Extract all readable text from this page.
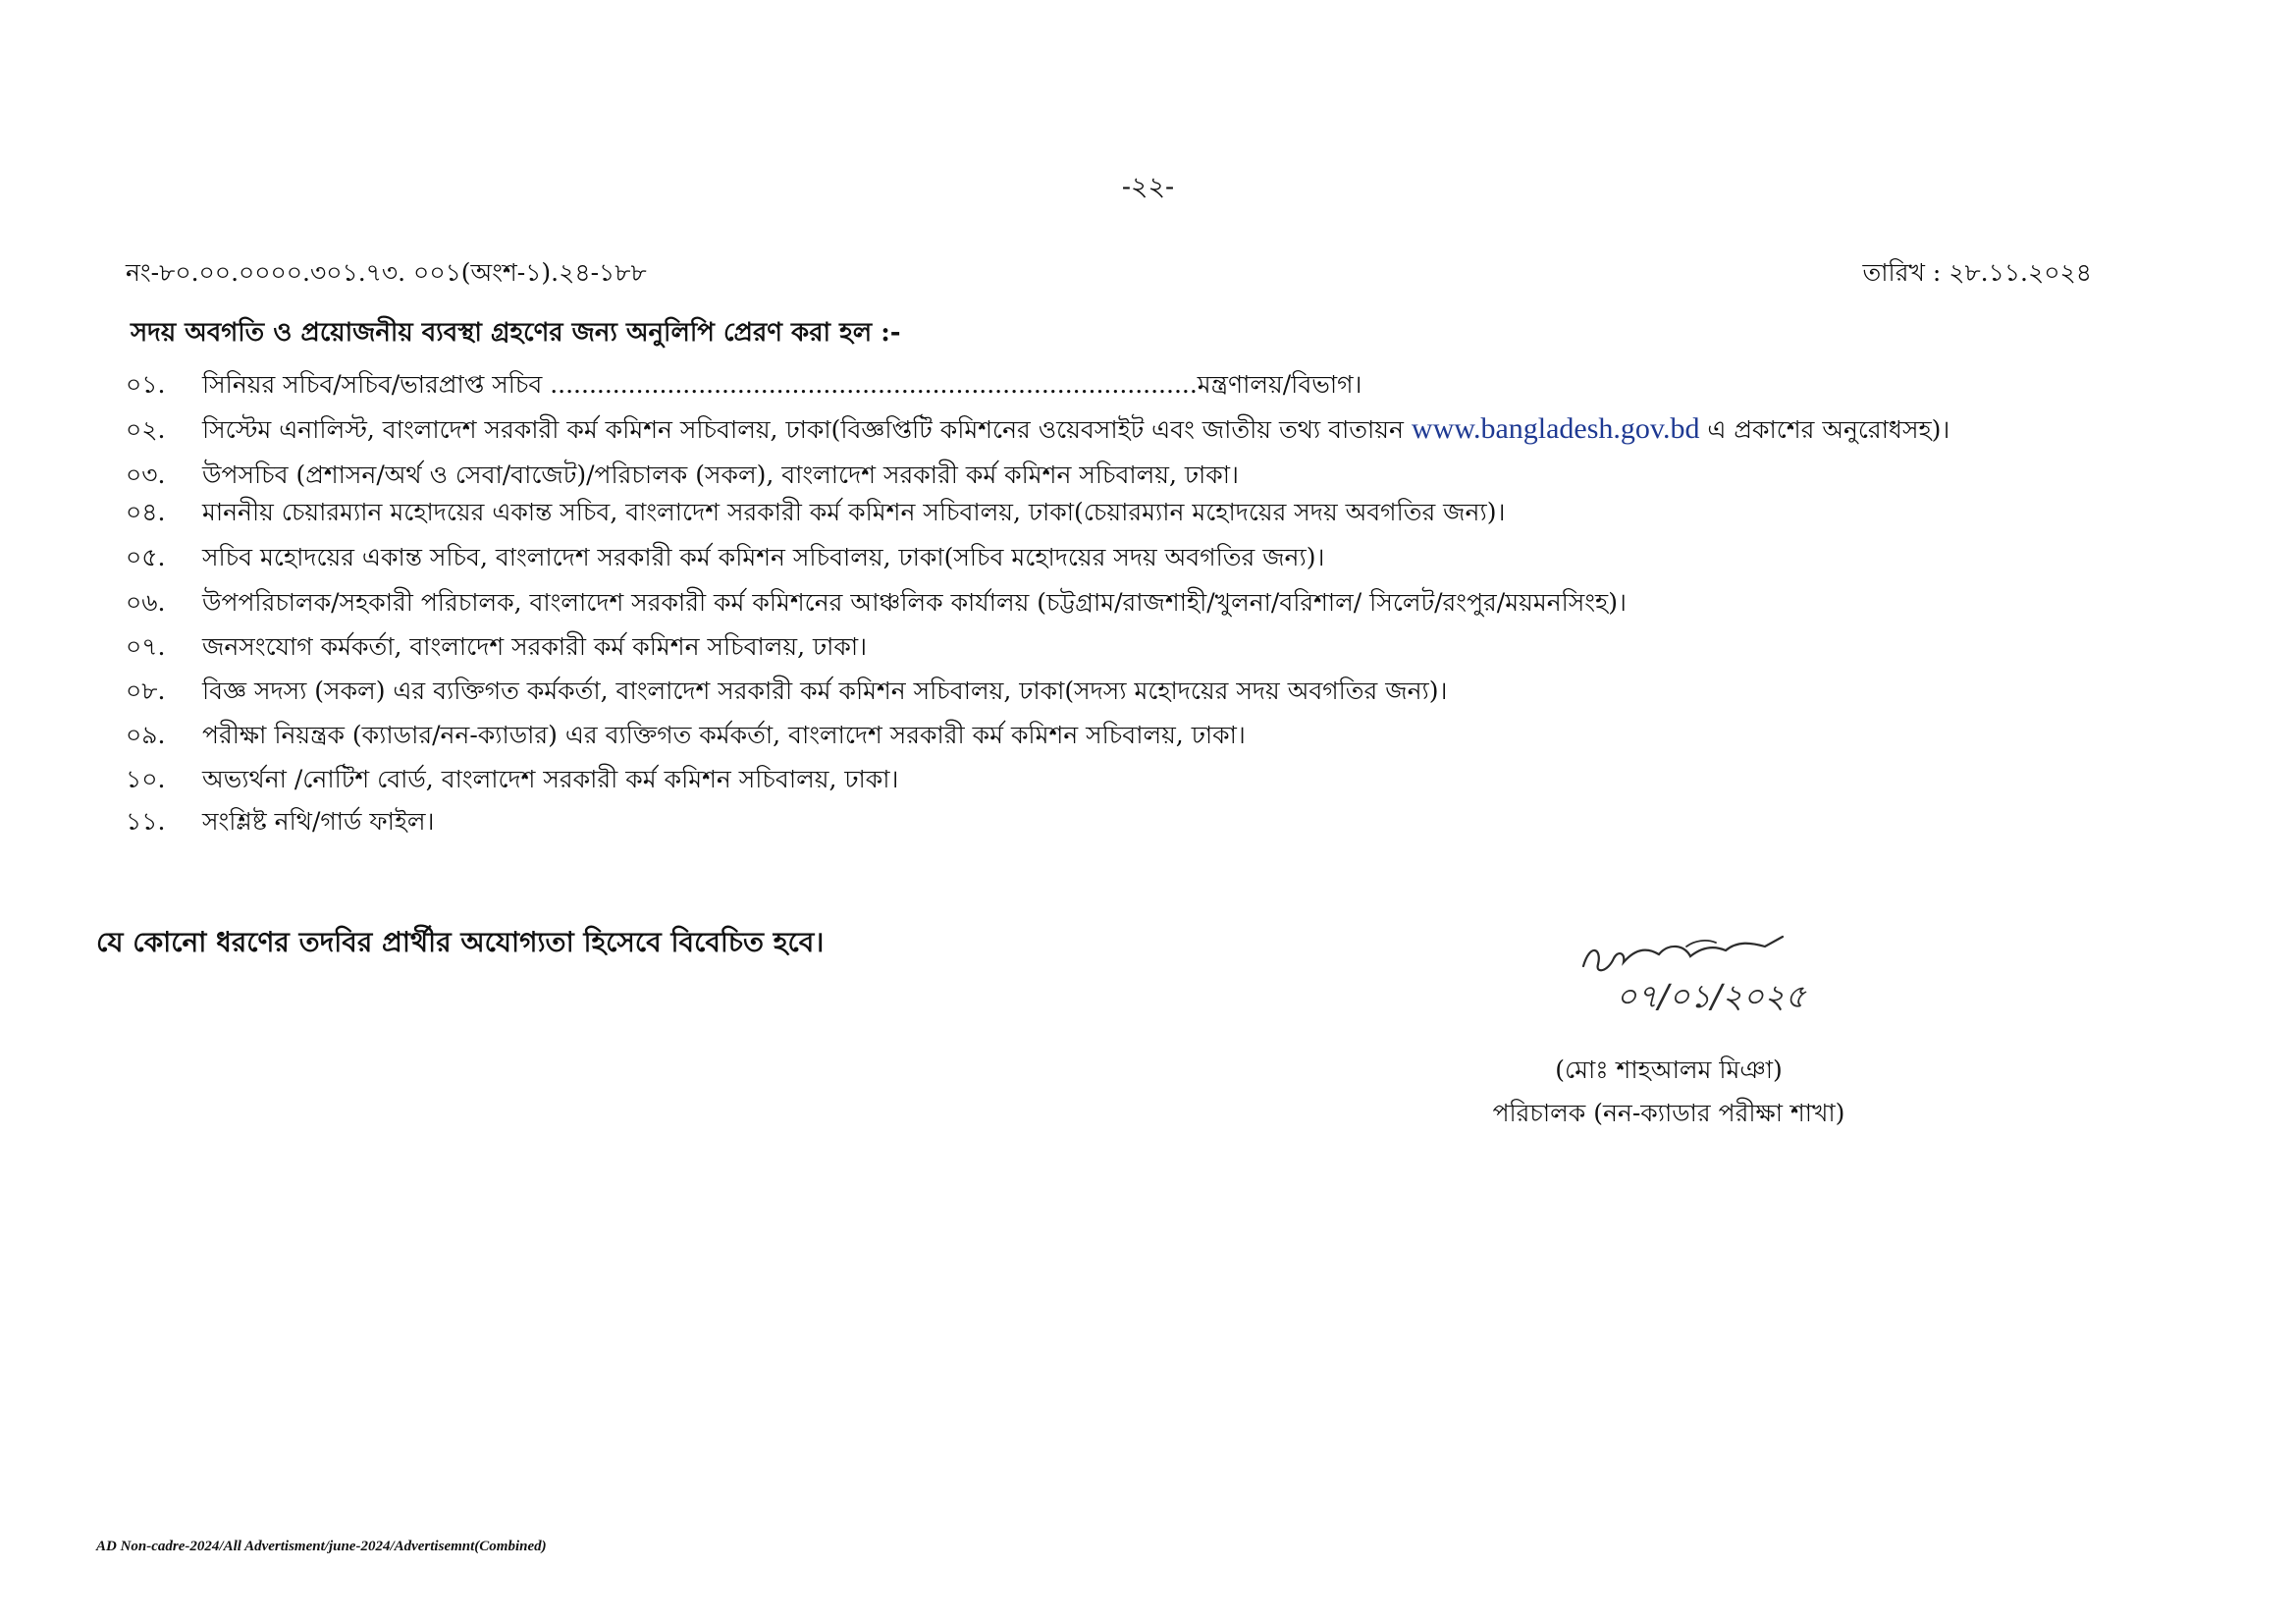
-২২-
নং-৮০.০০.০০০০.৩০১.৭৩. ০০১(অংশ-১).২৪-১৮৮	তারিখ : ২৮.১১.২০২৪
সদয় অবগতি ও প্রয়োজনীয় ব্যবস্থা গ্রহণের জন্য অনুলিপি প্রেরণ করা হল :-
০১.	সিনিয়র সচিব/সচিব/ভারপ্রাপ্ত সচিব ...................................................................................মন্ত্রণালয়/বিভাগ।
০২.	সিস্টেম এনালিস্ট, বাংলাদেশ সরকারী কর্ম কমিশন সচিবালয়, ঢাকা(বিজ্ঞপ্তিটি কমিশনের ওয়েবসাইট এবং জাতীয় তথ্য বাতায়ন www.bangladesh.gov.bd এ প্রকাশের অনুরোধসহ)।
০৩.	উপসচিব (প্রশাসন/অর্থ ও সেবা/বাজেট)/পরিচালক (সকল), বাংলাদেশ সরকারী কর্ম কমিশন সচিবালয়, ঢাকা।
০৪.	মাননীয় চেয়ারম্যান মহোদয়ের একান্ত সচিব, বাংলাদেশ সরকারী কর্ম কমিশন সচিবালয়, ঢাকা(চেয়ারম্যান মহোদয়ের সদয় অবগতির জন্য)।
০৫.	সচিব মহোদয়ের একান্ত সচিব, বাংলাদেশ সরকারী কর্ম কমিশন সচিবালয়, ঢাকা(সচিব মহোদয়ের সদয় অবগতির জন্য)।
০৬.	উপপরিচালক/সহকারী পরিচালক, বাংলাদেশ সরকারী কর্ম কমিশনের আঞ্চলিক কার্যালয় (চট্টগ্রাম/রাজশাহী/খুলনা/বরিশাল/ সিলেট/রংপুর/ময়মনসিংহ)।
০৭.	জনসংযোগ কর্মকর্তা, বাংলাদেশ সরকারী কর্ম কমিশন সচিবালয়, ঢাকা।
০৮.	বিজ্ঞ সদস্য (সকল) এর ব্যক্তিগত কর্মকর্তা, বাংলাদেশ সরকারী কর্ম কমিশন সচিবালয়, ঢাকা(সদস্য মহোদয়ের সদয় অবগতির জন্য)।
০৯.	পরীক্ষা নিয়ন্ত্রক (ক্যাডার/নন-ক্যাডার) এর ব্যক্তিগত কর্মকর্তা, বাংলাদেশ সরকারী কর্ম কমিশন সচিবালয়, ঢাকা।
১০.	অভ্যর্থনা /নোটিশ বোর্ড, বাংলাদেশ সরকারী কর্ম কমিশন সচিবালয়, ঢাকা।
১১.	সংশ্লিষ্ট নথি/গার্ড ফাইল।
যে কোনো ধরণের তদবির প্রার্থীর অযোগ্যতা হিসেবে বিবেচিত হবে।
০৭/০১/২০২৫
(মোঃ শাহআলম মিঞা)
পরিচালক (নন-ক্যাডার পরীক্ষা শাখা)
AD Non-cadre-2024/All Advertisment/june-2024/Advertisemnt(Combined)
